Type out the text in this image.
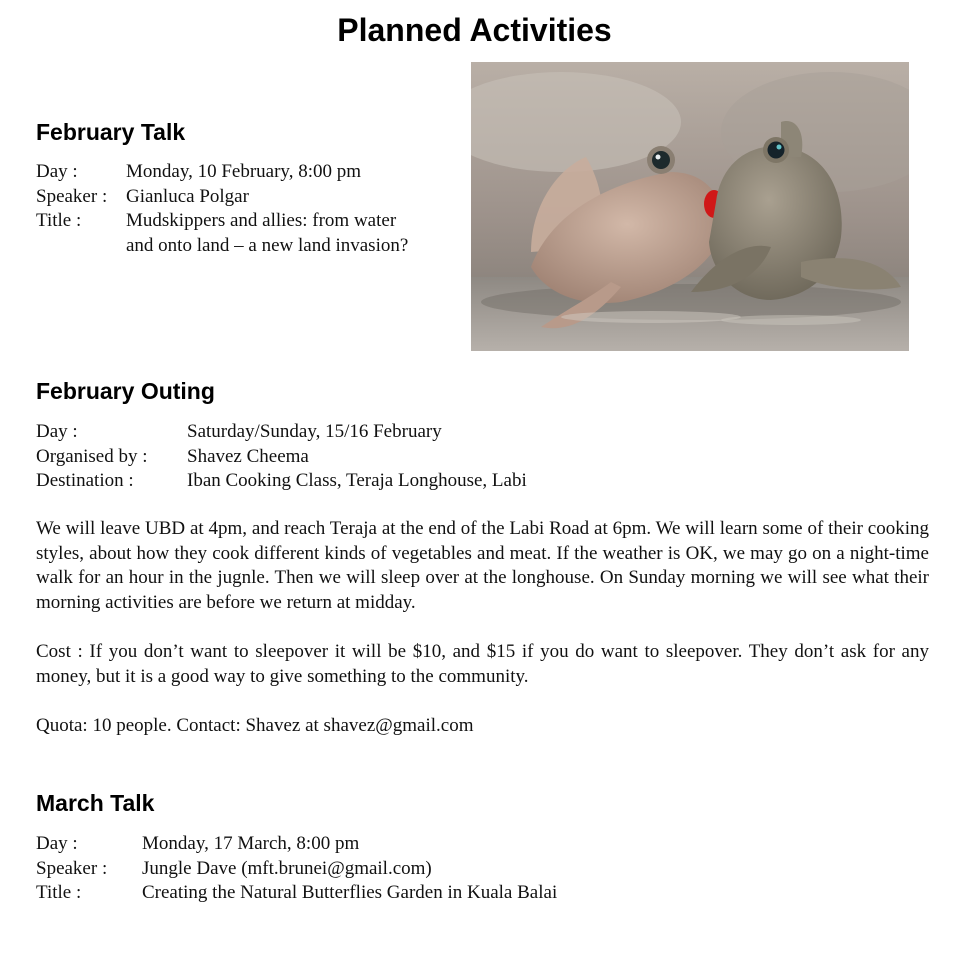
Planned Activities
February Talk
Day :	Monday, 10 February, 8:00 pm
Speaker : Gianluca Polgar
Title :	Mudskippers and allies: from water
and onto land – a new land invasion?
February Outing
Day :	Saturday/Sunday, 15/16 February
Organised by :	Shavez Cheema
Destination :	Iban Cooking Class, Teraja Longhouse, Labi

We will leave UBD at 4pm, and reach Teraja at the end of the Labi Road at 6pm. We will learn some of their cooking styles, about how they cook different kinds of vegetables and meat. If the weather is OK, we may go on a night-time walk for an hour in the jugnle. Then we will sleep over at the longhouse. On Sunday morning we will see what their morning activities are before we return at midday.

Cost : If you don’t want to sleepover it will be $10, and $15 if you do want to sleepover. They don’t ask for any money, but it is a good way to give something to the community.

Quota: 10 people. Contact: Shavez at shavez@gmail.com

March Talk
Day :	Monday, 17 March, 8:00 pm
Speaker :	Jungle Dave (mft.brunei@gmail.com)
Title :	Creating the Natural Butterflies Garden in Kuala Balai
